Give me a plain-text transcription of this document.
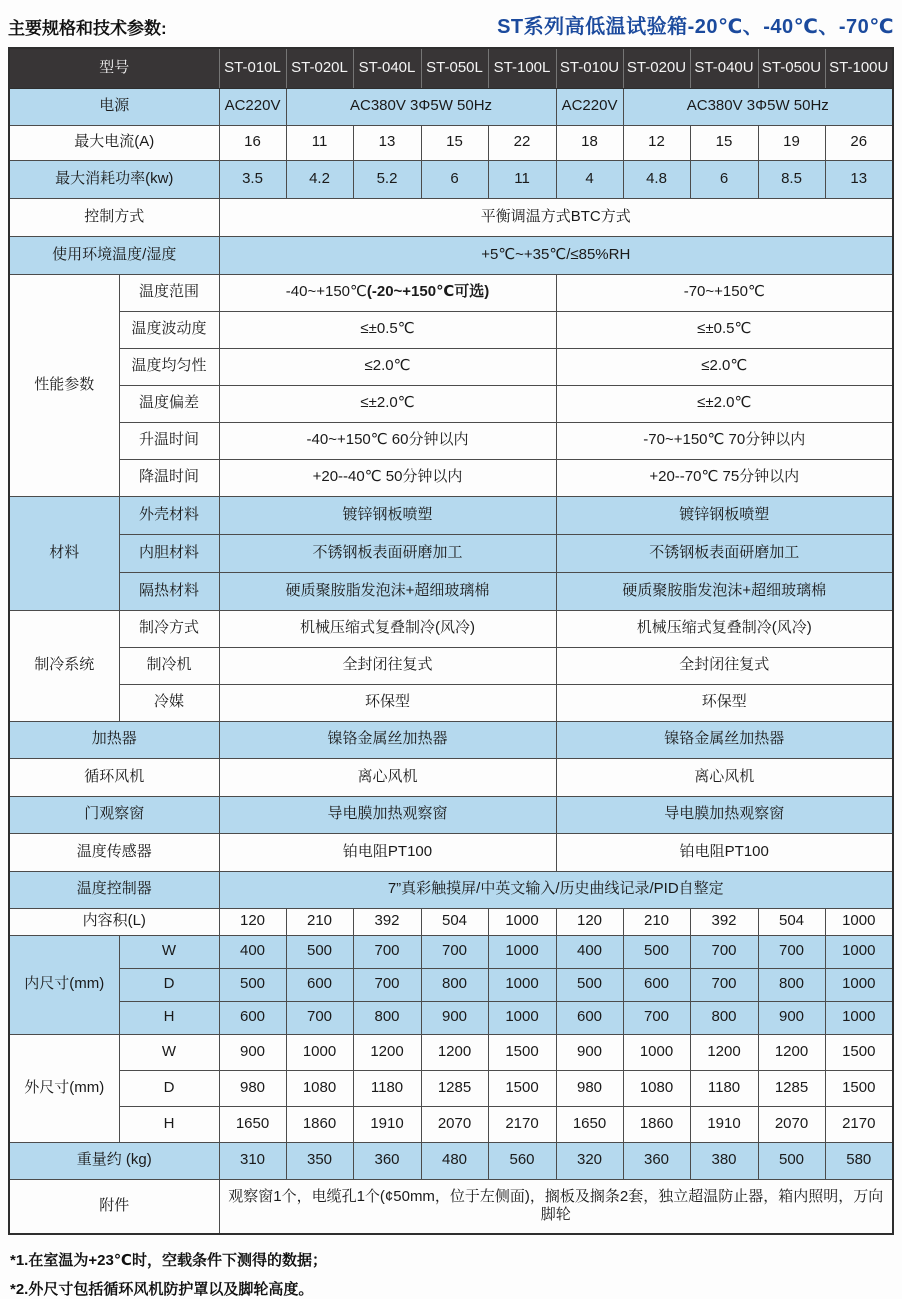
主要规格和技术参数:	ST系列高低温试验箱-20℃、-40℃、-70℃
型号		ST-010L	ST-020L	ST-040L	ST-050L	ST-100L	ST-010U	ST-020U	ST-040U	ST-050U	ST-100U
电源		AC220V	AC380V 3Φ5W 50Hz				AC220V	AC380V 3Φ5W 50Hz			
最大电流(A)		16	11	13	15	22	18	12	15	19	26
最大消耗功率(kw)		3.5	4.2	5.2	6	11	4	4.8	6	8.5	13
控制方式		平衡调温方式BTC方式									
使用环境温度/湿度		+5℃~+35℃/≤85%RH									
性能参数	温度范围	-40~+150℃(-20~+150℃可选)					-70~+150℃				
	温度波动度	≤±0.5℃					≤±0.5℃				
	温度均匀性	≤2.0℃					≤2.0℃				
	温度偏差	≤±2.0℃					≤±2.0℃				
	升温时间	-40~+150℃ 60分钟以内					-70~+150℃ 70分钟以内				
	降温时间	+20--40℃ 50分钟以内					+20--70℃ 75分钟以内				
材料	外壳材料	镀锌钢板喷塑					镀锌钢板喷塑				
	内胆材料	不锈钢板表面研磨加工					不锈钢板表面研磨加工				
	隔热材料	硬质聚胺脂发泡沫+超细玻璃棉					硬质聚胺脂发泡沫+超细玻璃棉				
制冷系统	制冷方式	机械压缩式复叠制冷(风冷)					机械压缩式复叠制冷(风冷)				
	制冷机	全封闭往复式					全封闭往复式				
	冷媒	环保型					环保型				
加热器		镍铬金属丝加热器					镍铬金属丝加热器				
循环风机		离心风机					离心风机				
门观察窗		导电膜加热观察窗					导电膜加热观察窗				
温度传感器		铂电阻PT100					铂电阻PT100				
温度控制器		7”真彩触摸屏/中英文输入/历史曲线记录/PID自整定									
内容积(L)		120	210	392	504	1000	120	210	392	504	1000
内尺寸(mm)	W	400	500	700	700	1000	400	500	700	700	1000
	D	500	600	700	800	1000	500	600	700	800	1000
	H	600	700	800	900	1000	600	700	800	900	1000
外尺寸(mm)	W	900	1000	1200	1200	1500	900	1000	1200	1200	1500
	D	980	1080	1180	1285	1500	980	1080	1180	1285	1500
	H	1650	1860	1910	2070	2170	1650	1860	1910	2070	2170
重量约 (kg)		310	350	360	480	560	320	360	380	500	580
附件		观察窗1个，电缆孔1个(¢50mm，位于左侧面)，搁板及搁条2套，独立超温防止器，箱内照明，万向脚轮									
*1.在室温为+23℃时，空载条件下测得的数据；
*2.外尺寸包括循环风机防护罩以及脚轮高度。
